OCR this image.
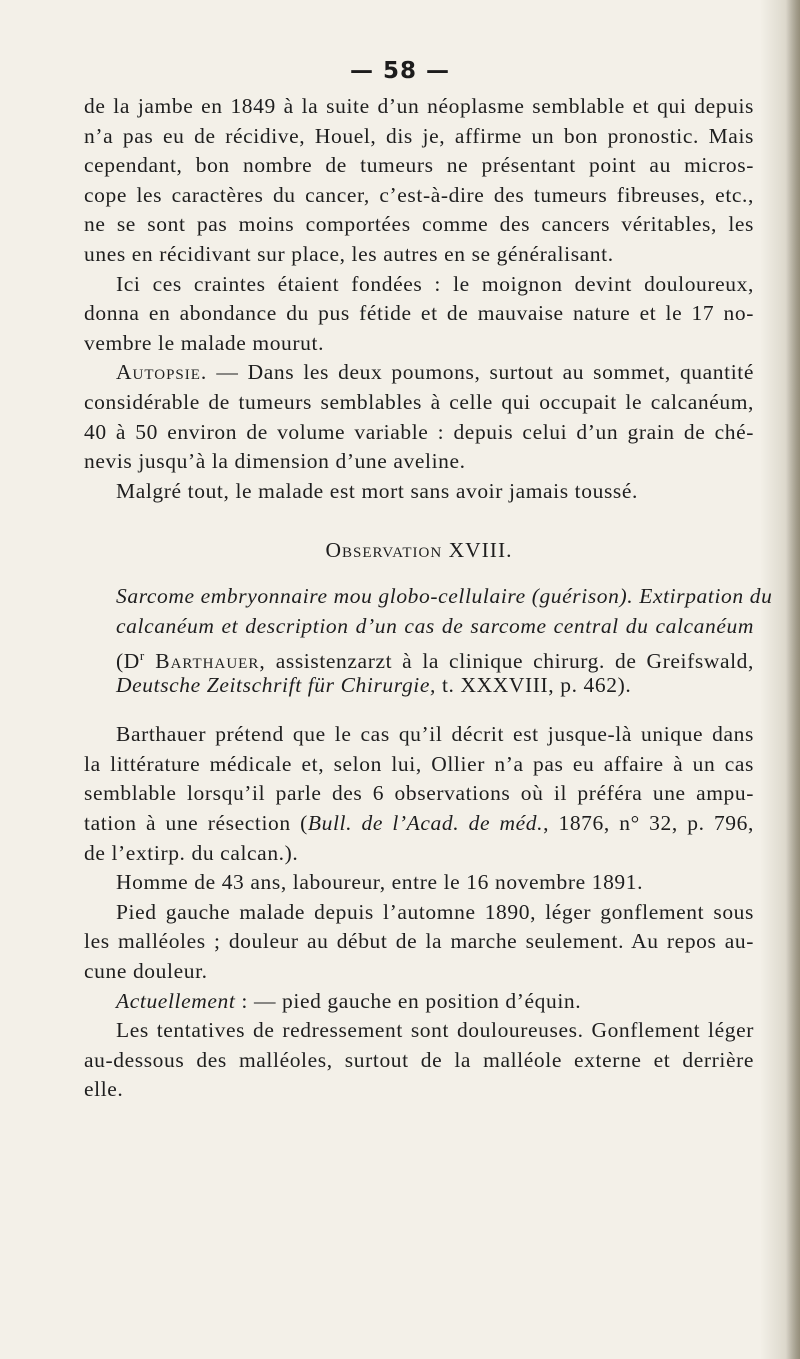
— 58 —
de la jambe en 1849 à la suite d’un néoplasme semblable et qui depuis
n’a pas eu de récidive, Houel, dis je, affirme un bon pronostic. Mais
cependant, bon nombre de tumeurs ne présentant point au micros-
cope les caractères du cancer, c’est-à-dire des tumeurs fibreuses, etc.,
ne se sont pas moins comportées comme des cancers véritables, les
unes en récidivant sur place, les autres en se généralisant.
Ici ces craintes étaient fondées : le moignon devint douloureux,
donna en abondance du pus fétide et de mauvaise nature et le 17 no-
vembre le malade mourut.
Autopsie. — Dans les deux poumons, surtout au sommet, quantité
considérable de tumeurs semblables à celle qui occupait le calcanéum,
40 à 50 environ de volume variable : depuis celui d’un grain de ché-
nevis jusqu’à la dimension d’une aveline.
Malgré tout, le malade est mort sans avoir jamais toussé.
Observation XVIII.
Sarcome embryonnaire mou globo-cellulaire (guérison). Extirpation du
calcanéum et description d’un cas de sarcome central du calcanéum
($D^r$ Barthauer, assistenzarzt à la clinique chirurg. de Greifswald,
Deutsche Zeitschrift für Chirurgie, t. XXXVIII, p. 462).
Barthauer prétend que le cas qu’il décrit est jusque-là unique dans
la littérature médicale et, selon lui, Ollier n’a pas eu affaire à un cas
semblable lorsqu’il parle des 6 observations où il préféra une ampu-
tation à une résection (Bull. de l’Acad. de méd., 1876, n° 32, p. 796,
de l’extirp. du calcan.).
Homme de 43 ans, laboureur, entre le 16 novembre 1891.
Pied gauche malade depuis l’automne 1890, léger gonflement sous
les malléoles ; douleur au début de la marche seulement. Au repos au-
cune douleur.
Actuellement : — pied gauche en position d’équin.
Les tentatives de redressement sont douloureuses. Gonflement léger
au-dessous des malléoles, surtout de la malléole externe et derrière
elle.
